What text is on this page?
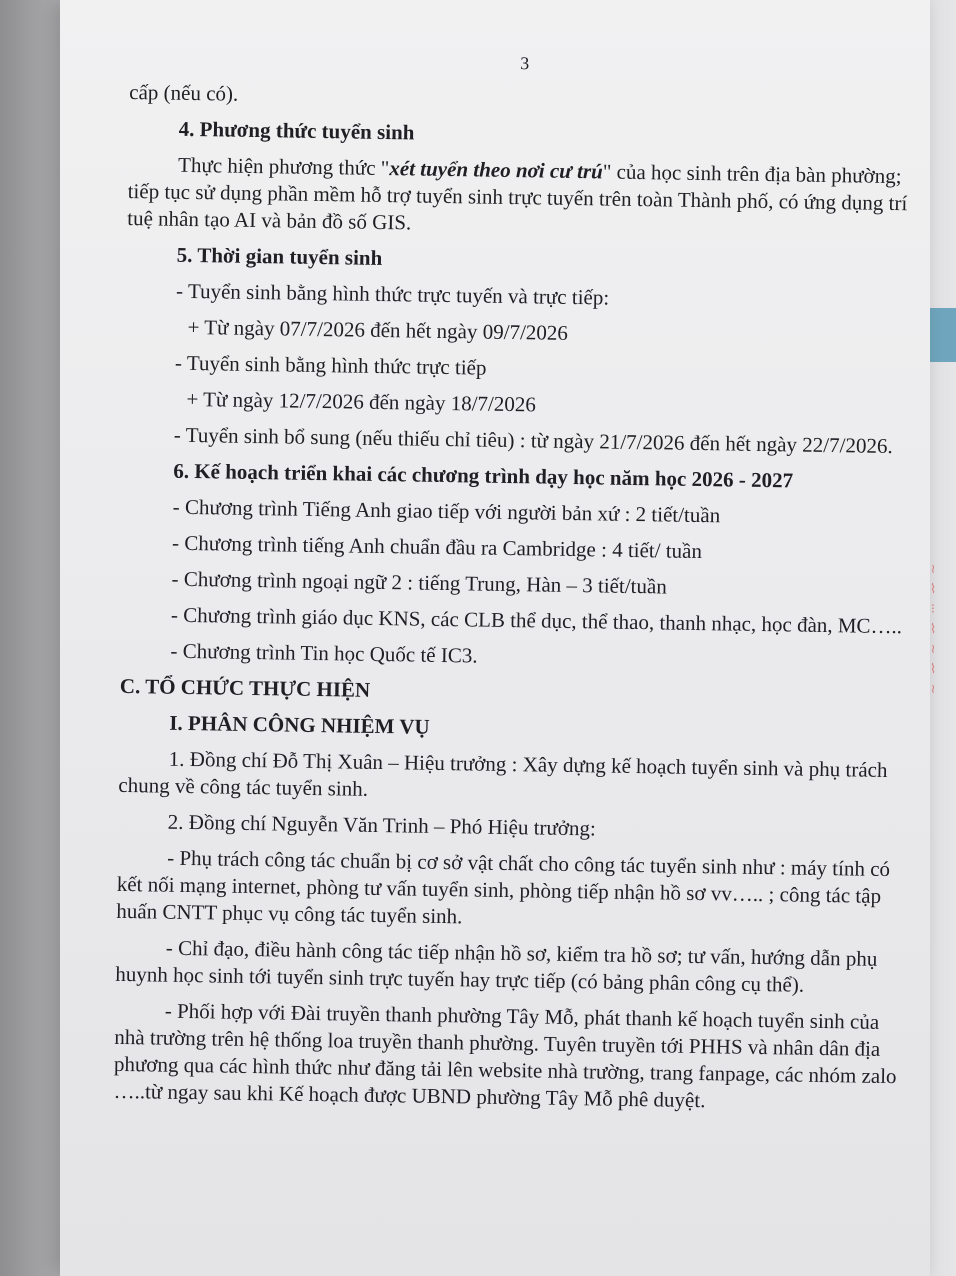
3

cấp (nếu có).

4. Phương thức tuyển sinh

Thực hiện phương thức "xét tuyển theo nơi cư trú" của học sinh trên địa bàn phường; tiếp tục sử dụng phần mềm hỗ trợ tuyển sinh trực tuyến trên toàn Thành phố, có ứng dụng trí tuệ nhân tạo AI và bản đồ số GIS.

5. Thời gian tuyển sinh

- Tuyển sinh bằng hình thức trực tuyến và trực tiếp:

+ Từ ngày 07/7/2026 đến hết ngày 09/7/2026

- Tuyển sinh bằng hình thức trực tiếp

+ Từ ngày 12/7/2026 đến ngày 18/7/2026

- Tuyển sinh bổ sung (nếu thiếu chỉ tiêu) : từ ngày 21/7/2026 đến hết ngày 22/7/2026.

6. Kế hoạch triển khai các chương trình dạy học năm học 2026 - 2027

- Chương trình Tiếng Anh giao tiếp với người bản xứ : 2 tiết/tuần

- Chương trình tiếng Anh chuẩn đầu ra Cambridge : 4 tiết/ tuần

- Chương trình ngoại ngữ 2 : tiếng Trung, Hàn – 3 tiết/tuần

- Chương trình giáo dục KNS, các CLB thể dục, thể thao, thanh nhạc, học đàn, MC…..

- Chương trình Tin học Quốc tế IC3.

C. TỔ CHỨC THỰC HIỆN

I. PHÂN CÔNG NHIỆM VỤ

1. Đồng chí Đỗ Thị Xuân – Hiệu trưởng : Xây dựng kế hoạch tuyển sinh và phụ trách chung về công tác tuyển sinh.

2. Đồng chí Nguyễn Văn Trinh – Phó Hiệu trưởng:

- Phụ trách công tác chuẩn bị cơ sở vật chất cho công tác tuyển sinh như : máy tính có kết nối mạng internet, phòng tư vấn tuyển sinh, phòng tiếp nhận hồ sơ vv….. ; công tác tập huấn CNTT phục vụ công tác tuyển sinh.

- Chỉ đạo, điều hành công tác tiếp nhận hồ sơ, kiểm tra hồ sơ; tư vấn, hướng dẫn phụ huynh học sinh tới tuyển sinh trực tuyến hay trực tiếp (có bảng phân công cụ thể).

- Phối hợp với Đài truyền thanh phường Tây Mỗ, phát thanh kế hoạch tuyển sinh của nhà trường trên hệ thống loa truyền thanh phường. Tuyên truyền tới PHHS và nhân dân địa phương qua các hình thức như đăng tải lên website nhà trường, trang fanpage, các nhóm zalo …..từ ngay sau khi Kế hoạch được UBND phường Tây Mỗ phê duyệt.

≀
⌇
⁝
⌇
≀
⌇
≀
